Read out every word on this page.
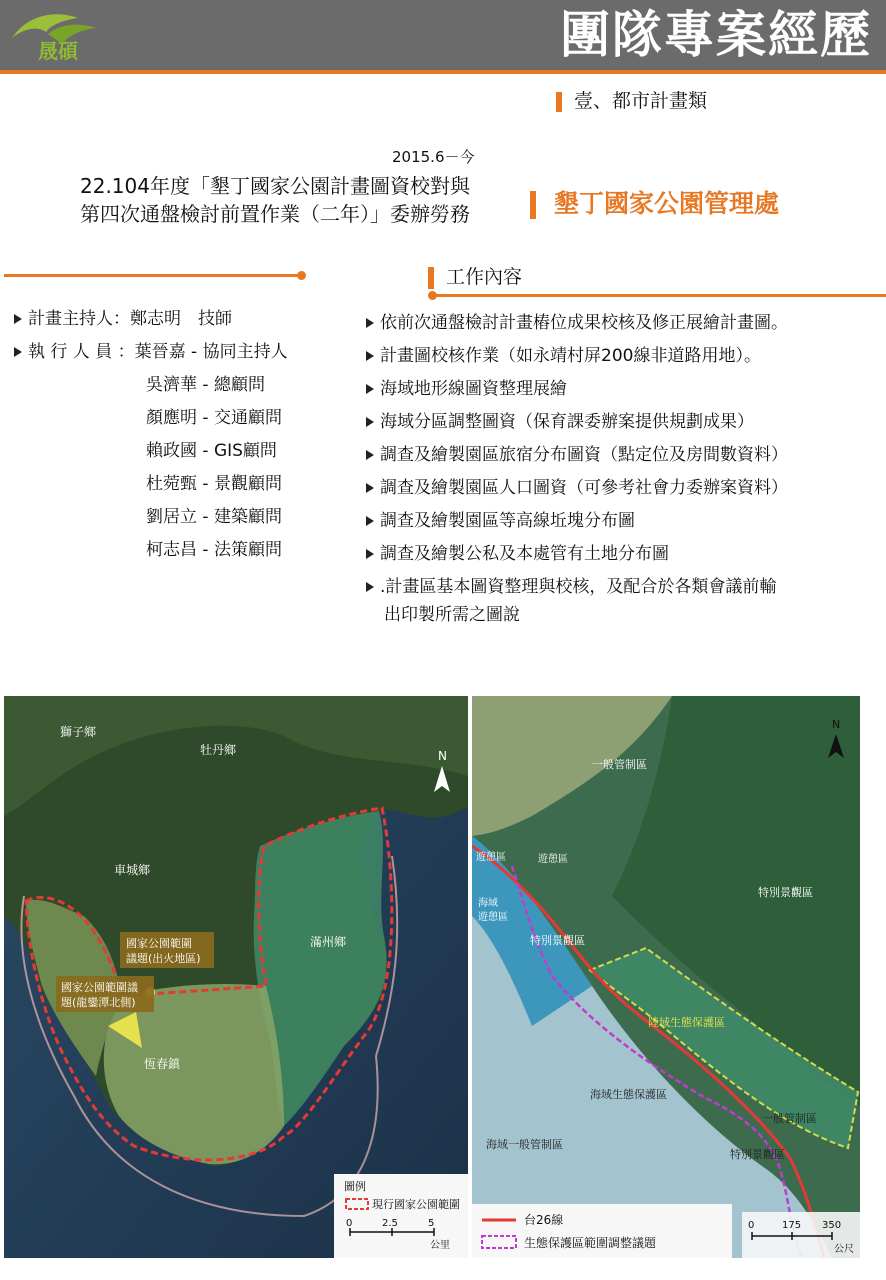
晟碩	團隊專案經歷
壹、都市計畫類
2015.6－今
22.104年度「墾丁國家公園計畫圖資校對與
第四次通盤檢討前置作業（二年）」委辦勞務	墾丁國家公園管理處
工作內容
計畫主持人：鄭志明　技師
執 行 人 員 ：葉晉嘉 - 協同主持人
吳濟華 - 總顧問
顏應明 - 交通顧問
賴政國 - GIS顧問
杜菀甄 - 景觀顧問
劉居立 - 建築顧問
柯志昌 - 法策顧問
依前次通盤檢討計畫樁位成果校核及修正展繪計畫圖。
計畫圖校核作業（如永靖村屏200線非道路用地）。
海域地形線圖資整理展繪
海域分區調整圖資（保育課委辦案提供規劃成果）
調查及繪製園區旅宿分布圖資（點定位及房間數資料）
調查及繪製園區人口圖資（可參考社會力委辦案資料）
調查及繪製園區等高線坵塊分布圖
調查及繪製公私及本處管有土地分布圖
.計畫區基本圖資整理與校核，及配合於各類會議前輸
出印製所需之圖說
獅子鄉
牡丹鄉
車城鄉
滿州鄉
恆春鎮
國家公園範圍
議題(出火地區)
國家公園範圍議
題(龍鑾潭北側)
N
圖例
現行國家公園範圍
0	2.5	5
公里
一般管制區
遊憩區	遊憩區
海域
遊憩區
特別景觀區
特別景觀區
陸域生態保護區
海域生態保護區
一般管制區
海域一般管制區
特別景觀區
N
台26線
生態保護區範圍調整議題
0	175 350
公尺
